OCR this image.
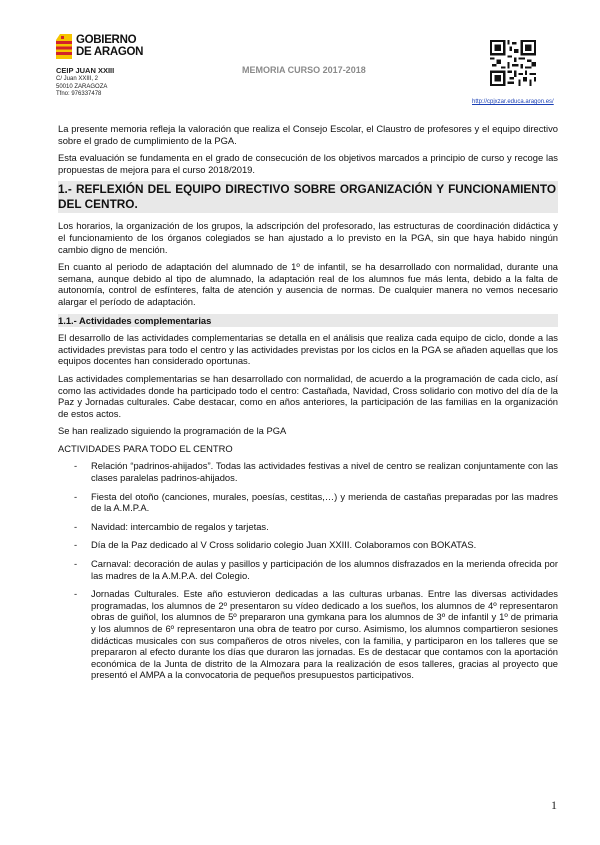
GOBIERNO
DE ARAGON
CEIP JUAN XXIII
C/ Juan XXIII, 2
50010 ZARAGOZA
Tfno: 976337478
MEMORIA CURSO 2017-2018
http://cpjxzar.educa.aragon.es/

La presente memoria refleja la valoración que realiza el Consejo Escolar, el Claustro de profesores y el equipo directivo sobre el grado de cumplimiento de la PGA.

Esta evaluación se fundamenta en el grado de consecución de los objetivos marcados a principio de curso y recoge las propuestas de mejora para el curso 2018/2019.

1.- REFLEXIÓN DEL EQUIPO DIRECTIVO SOBRE ORGANIZACIÓN Y FUNCIONAMIENTO DEL CENTRO.

Los horarios, la organización de los grupos, la adscripción del profesorado, las estructuras de coordinación didáctica y el funcionamiento de los órganos colegiados se han ajustado a lo previsto en la PGA, sin que haya habido ningún cambio digno de mención.

En cuanto al periodo de adaptación del alumnado de 1º de infantil, se ha desarrollado con normalidad, durante una semana, aunque debido al tipo de alumnado, la adaptación real de los alumnos fue más lenta, debido a la falta de autonomía, control de esfínteres, falta de atención y ausencia de normas. De cualquier manera no vemos necesario alargar el período de adaptación.

1.1.- Actividades complementarias

El desarrollo de las actividades complementarias se detalla en el análisis que realiza cada equipo de ciclo, donde a las actividades previstas para todo el centro y las actividades previstas por los ciclos en la PGA se añaden aquellas que los equipos docentes han considerado oportunas.

Las actividades complementarias se han desarrollado con normalidad, de acuerdo a la programación de cada ciclo, así como las actividades donde ha participado todo el centro: Castañada, Navidad, Cross solidario con motivo del día de la Paz y Jornadas culturales. Cabe destacar, como en años anteriores, la participación de las familias en la organización de estos actos.

Se han realizado siguiendo la programación de la PGA

ACTIVIDADES PARA TODO EL CENTRO

- Relación “padrinos-ahijados”. Todas las actividades festivas a nivel de centro se realizan conjuntamente con las clases paralelas padrinos-ahijados.
- Fiesta del otoño (canciones, murales, poesías, cestitas,…) y merienda de castañas preparadas por las madres de la A.M.P.A.
- Navidad: intercambio de regalos y tarjetas.
- Día de la Paz dedicado al V Cross solidario colegio Juan XXIII. Colaboramos con BOKATAS.
- Carnaval: decoración de aulas y pasillos y participación de los alumnos disfrazados en la merienda ofrecida por las madres de la A.M.P.A. del Colegio.
- Jornadas Culturales. Este año estuvieron dedicadas a las culturas urbanas. Entre las diversas actividades programadas, los alumnos de 2º presentaron su vídeo dedicado a los sueños, los alumnos de 4º representaron obras de guiñol, los alumnos de 5º prepararon una gymkana para los alumnos de 3º de infantil y 1º de primaria y los alumnos de 6º representaron una obra de teatro por curso. Asimismo, los alumnos compartieron sesiones didácticas musicales con sus compañeros de otros niveles, con la familia, y participaron en los talleres que se prepararon al efecto durante los días que duraron las jornadas. Es de destacar que contamos con la aportación económica de la Junta de distrito de la Almozara para la realización de esos talleres, gracias al proyecto que presentó el AMPA a la convocatoria de pequeños presupuestos participativos.
1
